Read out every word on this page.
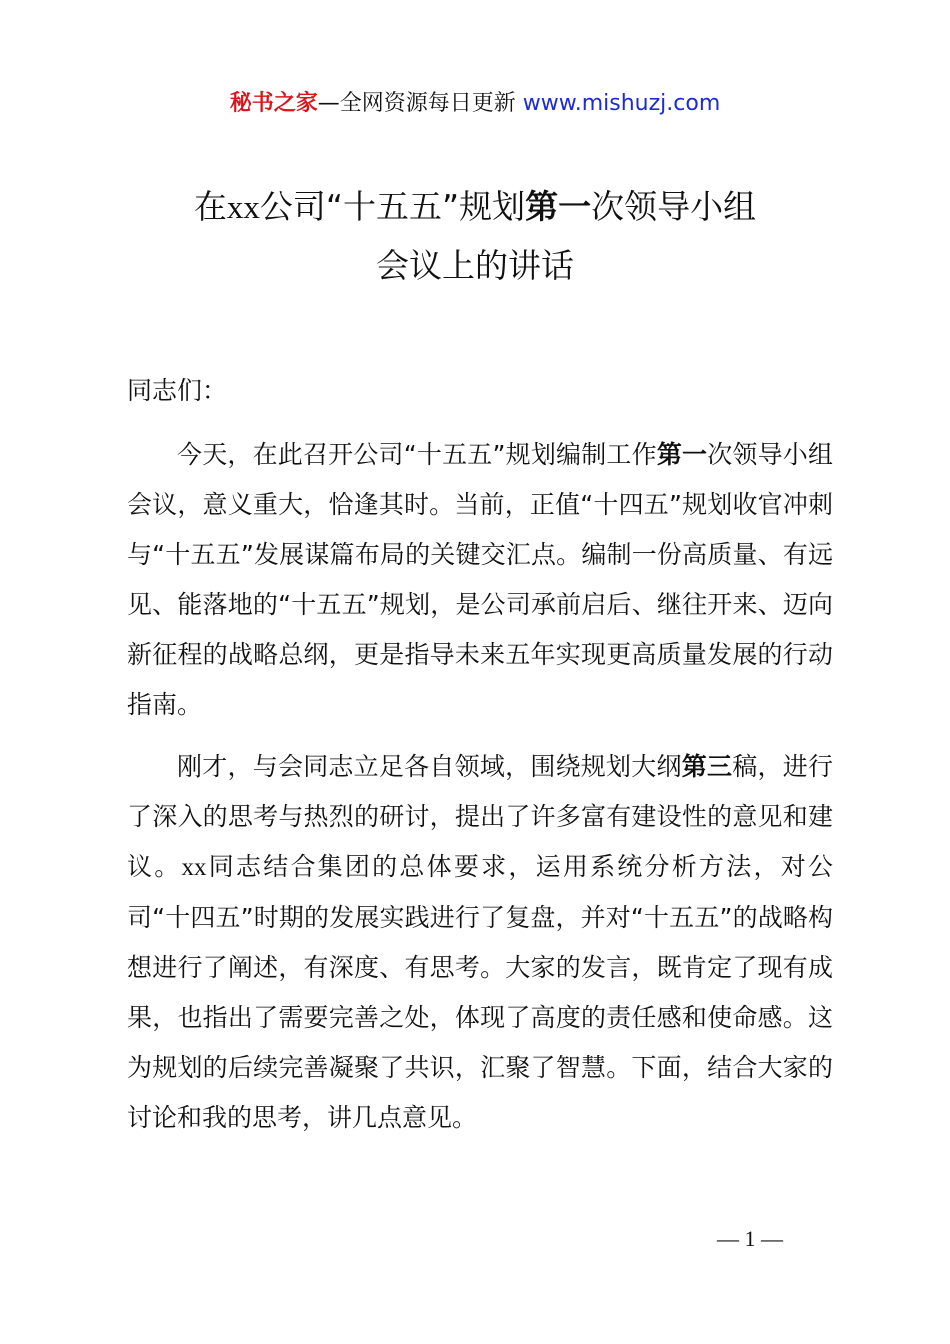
秘书之家—全网资源每日更新 www.mishuzj.com
在xx公司“十五五”规划第一次领导小组
会议上的讲话
同志们：
今天，在此召开公司“十五五”规划编制工作第一次领导小组会议，意义重大，恰逢其时。当前，正值“十四五”规划收官冲刺与“十五五”发展谋篇布局的关键交汇点。编制一份高质量、有远见、能落地的“十五五”规划，是公司承前启后、继往开来、迈向新征程的战略总纲，更是指导未来五年实现更高质量发展的行动指南。
刚才，与会同志立足各自领域，围绕规划大纲第三稿，进行了深入的思考与热烈的研讨，提出了许多富有建设性的意见和建议。xx同志结合集团的总体要求，运用系统分析方法，对公司“十四五”时期的发展实践进行了复盘，并对“十五五”的战略构想进行了阐述，有深度、有思考。大家的发言，既肯定了现有成果，也指出了需要完善之处，体现了高度的责任感和使命感。这为规划的后续完善凝聚了共识，汇聚了智慧。下面，结合大家的讨论和我的思考，讲几点意见。
— 1 —
